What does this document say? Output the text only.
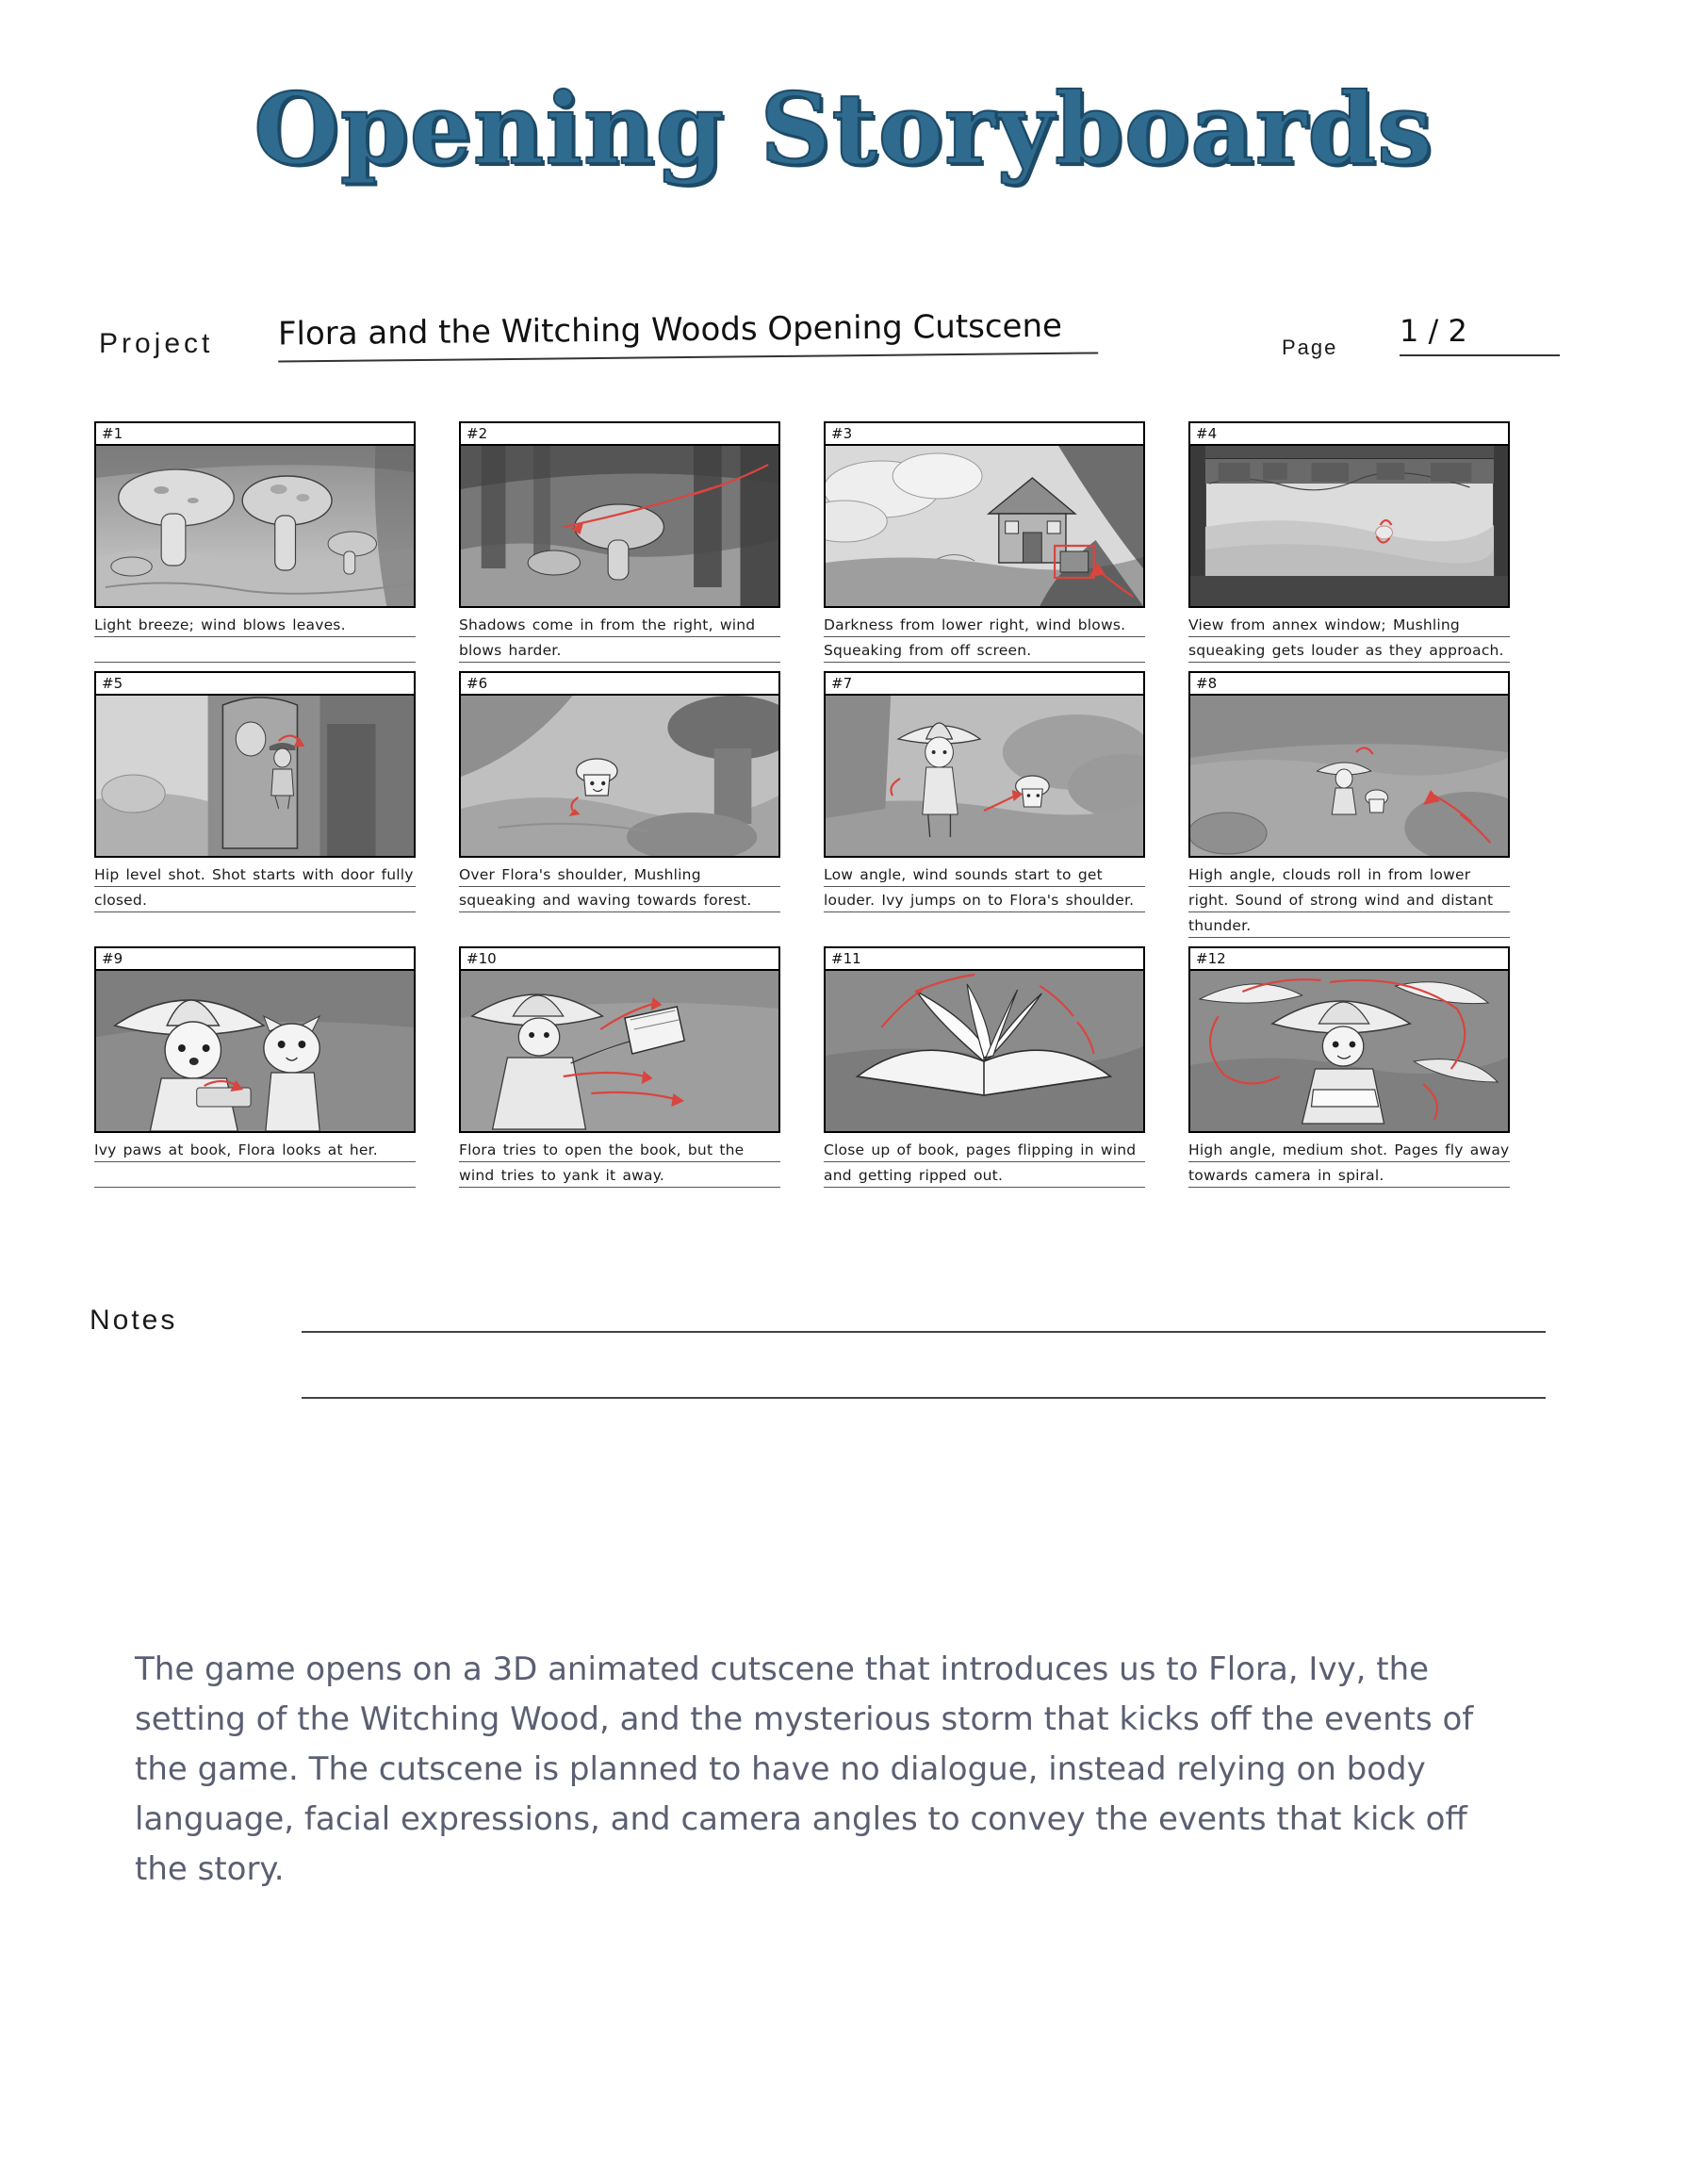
Opening Storyboards
Project Flora and the Witching Woods Opening Cutscene	Page 1 / 2
#1
Light breeze; wind blows leaves.
#2
Shadows come in from the right, wind blows harder.
#3
Darkness from lower right, wind blows. Squeaking from off screen.
#4
View from annex window; Mushling squeaking gets louder as they approach.
#5
Hip level shot. Shot starts with door fully closed.
#6
Over Flora's shoulder, Mushling squeaking and waving towards forest.
#7
Low angle, wind sounds start to get louder. Ivy jumps on to Flora's shoulder.
#8
High angle, clouds roll in from lower right. Sound of strong wind and distant thunder.
#9
Ivy paws at book, Flora looks at her.
#10
Flora tries to open the book, but the wind tries to yank it away.
#11
Close up of book, pages flipping in wind and getting ripped out.
#12
High angle, medium shot. Pages fly away towards camera in spiral.
Notes
The game opens on a 3D animated cutscene that introduces us to Flora, Ivy, the setting of the Witching Wood, and the mysterious storm that kicks off the events of the game. The cutscene is planned to have no dialogue, instead relying on body language, facial expressions, and camera angles to convey the events that kick off the story.
